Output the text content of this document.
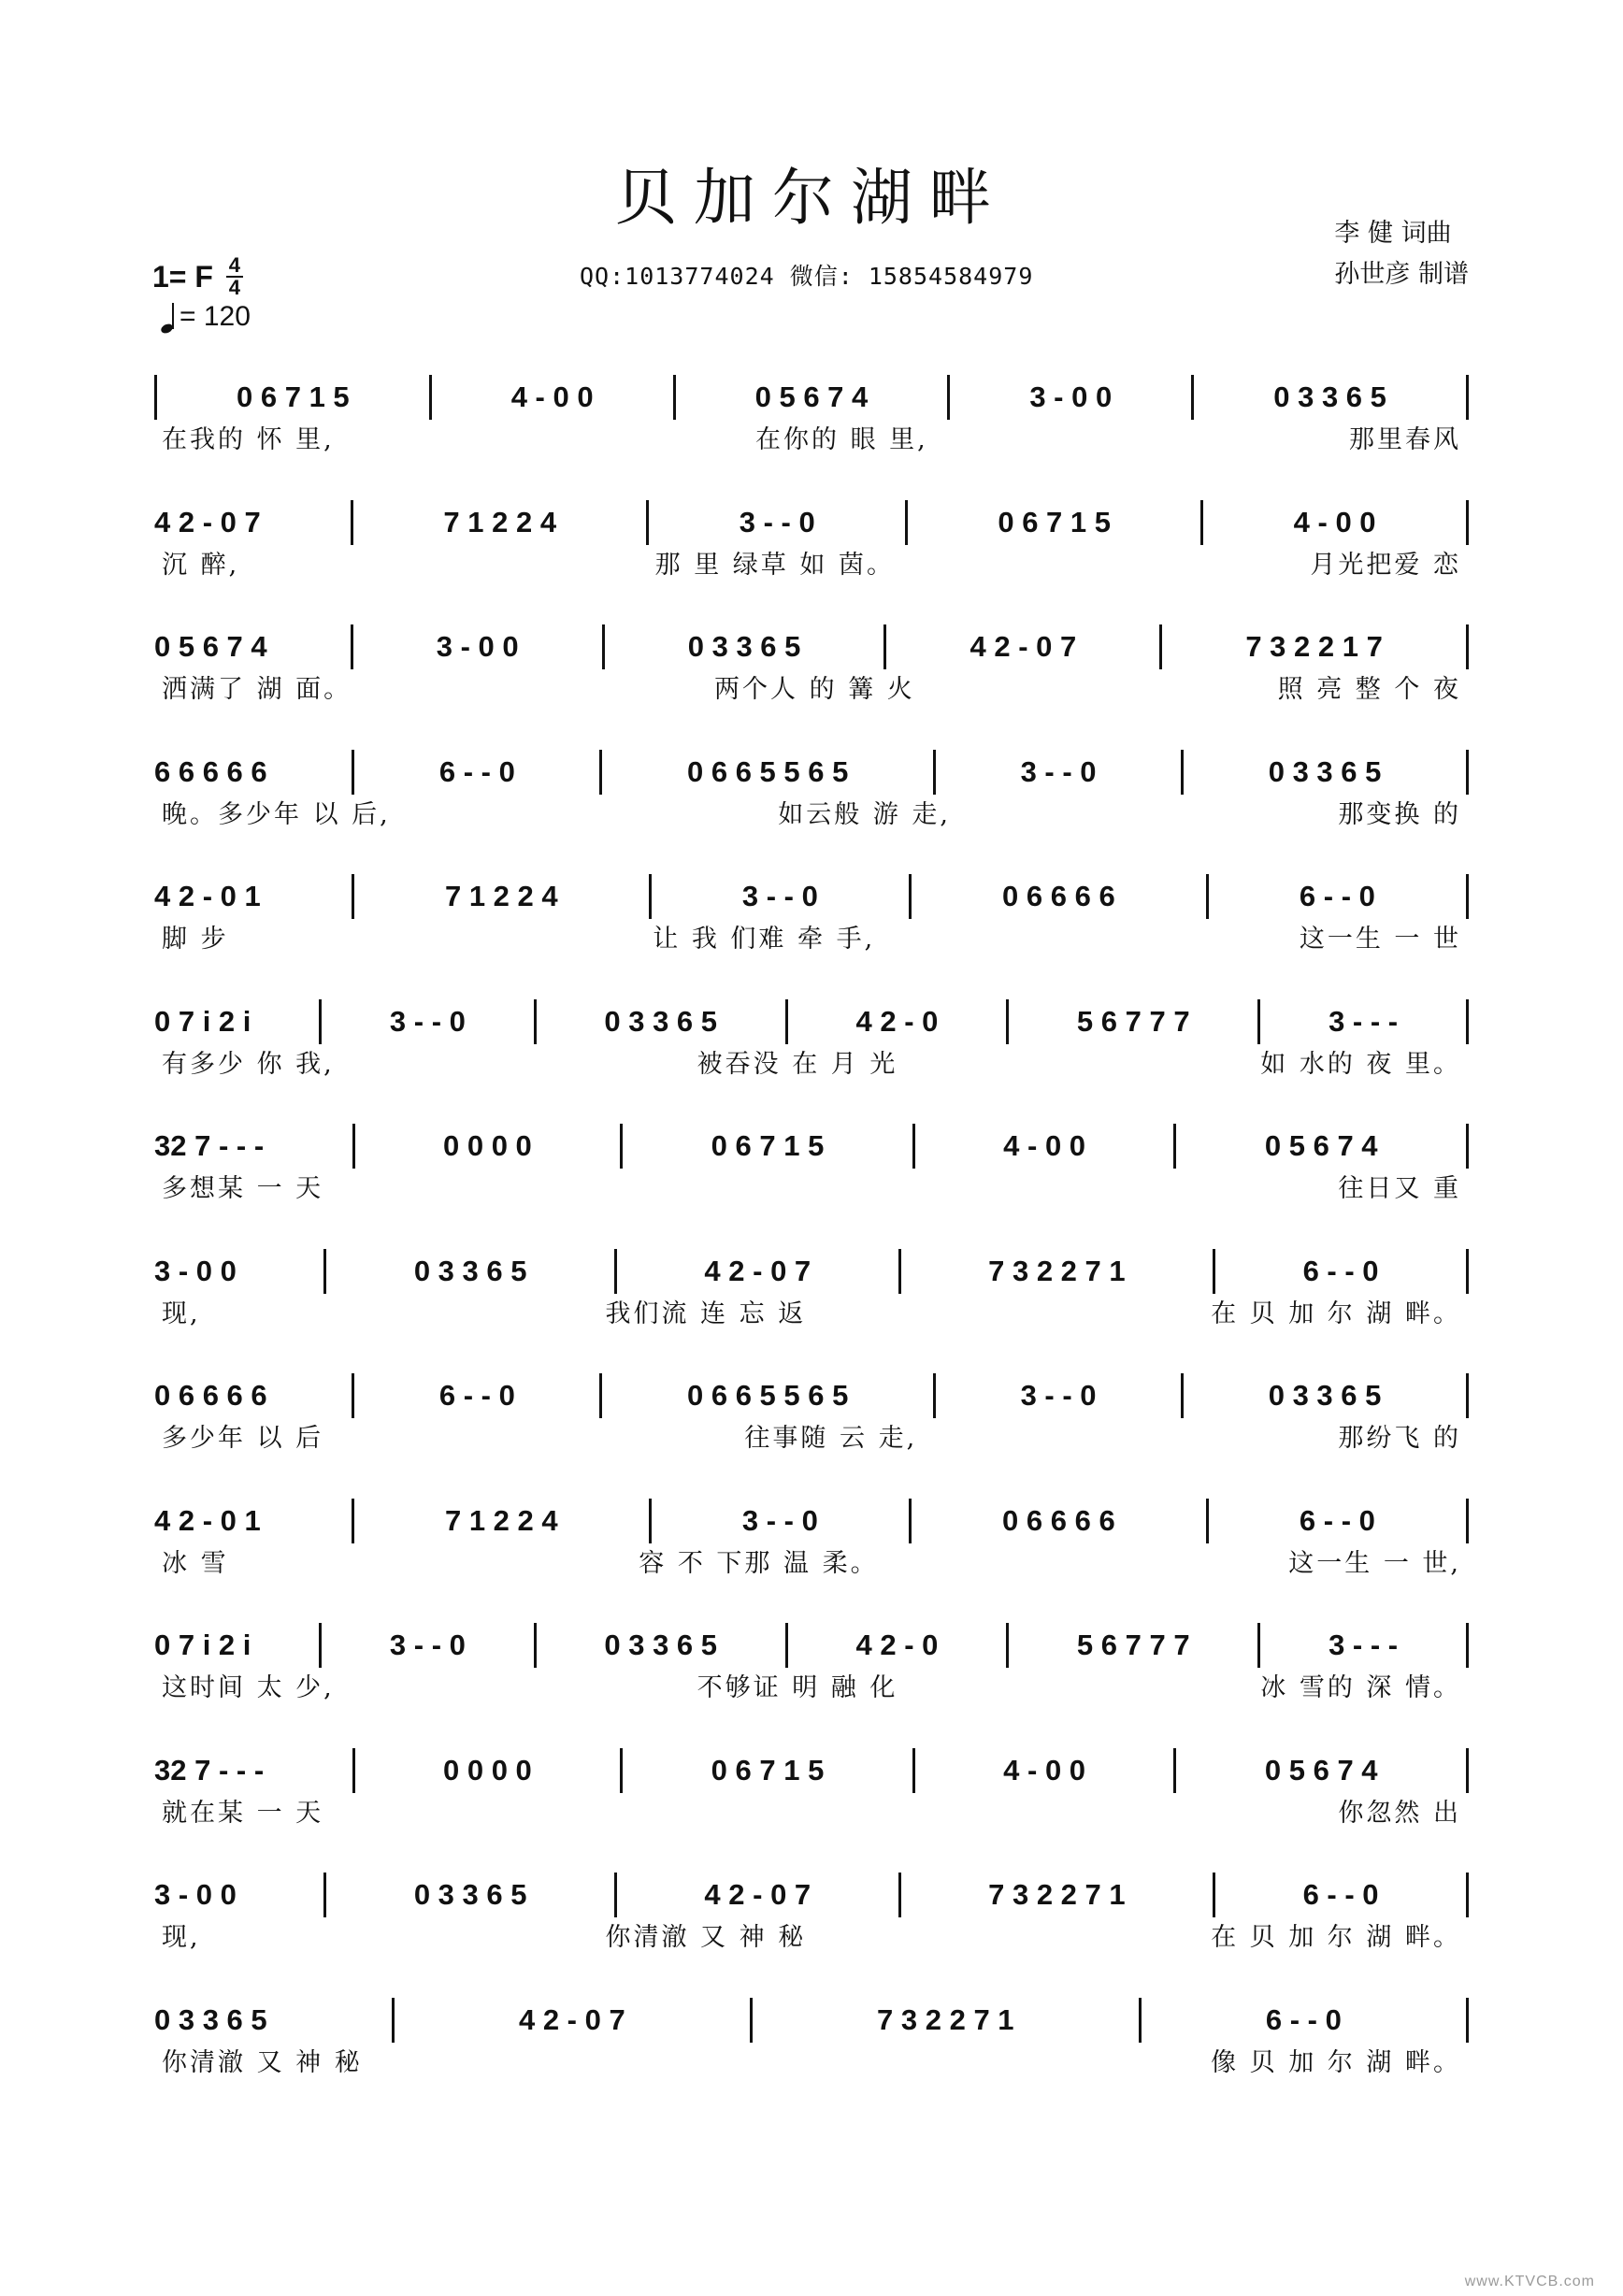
贝加尔湖畔	李 健 词曲
孙世彦 制谱
QQ:1013774024 微信: 15854584979
1= F $\frac{4}{4}$
= 120
0 6 7 1 5	4 - 0 0	0 5 6 7 4	3 - 0 0	0 3 3 6 5
在我的 怀 里,	在你的 眼 里,	那里春风
4 2 - 0 7	7 1 2 2 4	3 - - 0	0 6 7 1 5	4 - 0 0
沉 醉,	那 里 绿草 如 茵。	月光把爱 恋
0 5 6 7 4	3 - 0 0	0 3 3 6 5	4 2 - 0 7	7 3 2 2 1 7
洒满了 湖 面。	两个人 的 篝 火	照 亮 整 个 夜
6 6 6 6 6	6 - - 0	0 6 6 5 5 6 5	3 - - 0	0 3 3 6 5
晚。多少年 以 后,	如云般 游 走,	那变换 的
4 2 - 0 1	7 1 2 2 4	3 - - 0	0 6 6 6 6	6 - - 0
脚 步	让 我 们难 牵 手,	这一生 一 世
0 7 i 2 i	3 - - 0	0 3 3 6 5	4 2 - 0	5 6 7 7 7	3 - - -
有多少 你 我,	被吞没 在 月 光	如 水的 夜 里。
32 7 - - -	0 0 0 0	0 6 7 1 5	4 - 0 0	0 5 6 7 4
多想某 一 天	往日又 重
3 - 0 0	0 3 3 6 5	4 2 - 0 7	7 3 2 2 7 1	6 - - 0
现,	我们流 连 忘 返	在 贝 加 尔 湖 畔。
0 6 6 6 6	6 - - 0	0 6 6 5 5 6 5	3 - - 0	0 3 3 6 5
多少年 以 后	往事随 云 走,	那纷飞 的
4 2 - 0 1	7 1 2 2 4	3 - - 0	0 6 6 6 6	6 - - 0
冰 雪	容 不 下那 温 柔。	这一生 一 世,
0 7 i 2 i	3 - - 0	0 3 3 6 5	4 2 - 0	5 6 7 7 7	3 - - -
这时间 太 少,	不够证 明 融 化	冰 雪的 深 情。
32 7 - - -	0 0 0 0	0 6 7 1 5	4 - 0 0	0 5 6 7 4
就在某 一 天	你忽然 出
3 - 0 0	0 3 3 6 5	4 2 - 0 7	7 3 2 2 7 1	6 - - 0
现,	你清澈 又 神 秘	在 贝 加 尔 湖 畔。
0 3 3 6 5	4 2 - 0 7	7 3 2 2 7 1	6 - - 0
你清澈 又 神 秘	像 贝 加 尔 湖 畔。
www.KTVCB.com
